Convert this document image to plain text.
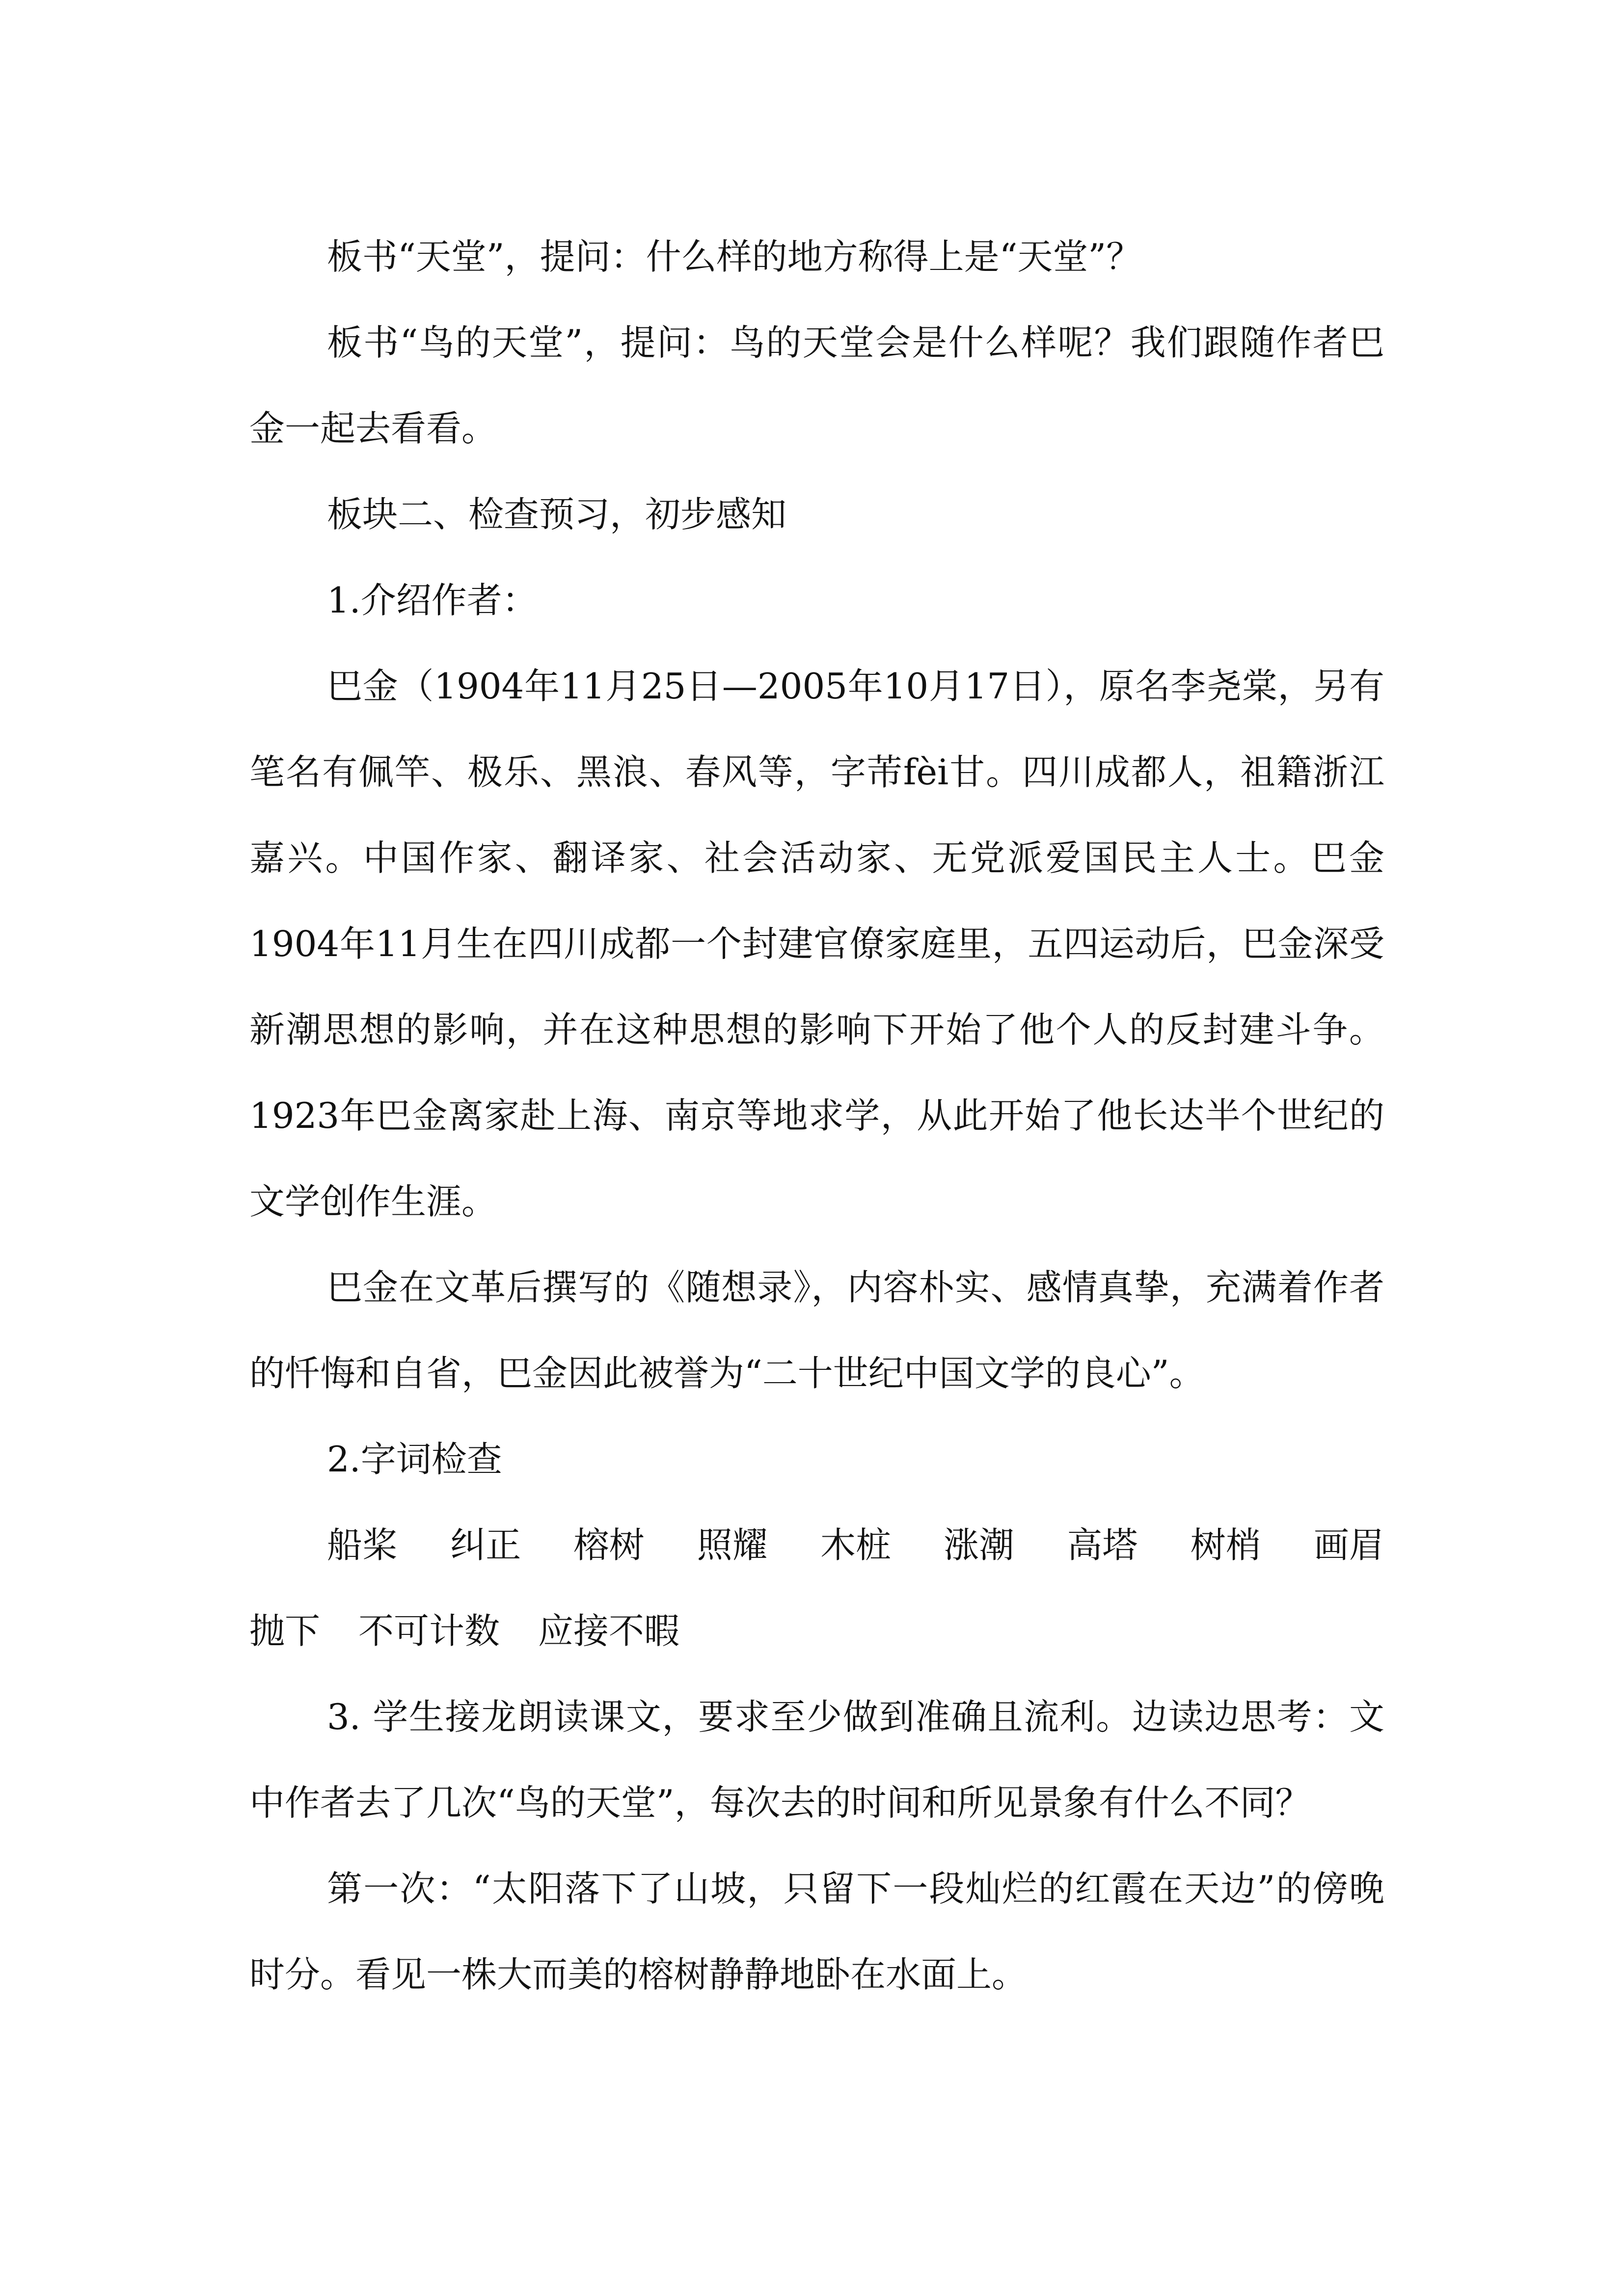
板书“天堂”，提问：什么样的地方称得上是“天堂”？

板书“鸟的天堂”，提问：鸟的天堂会是什么样呢？我们跟随作者巴金一起去看看。

板块二、检查预习，初步感知

1.介绍作者：

巴金（1904年11月25日—2005年10月17日），原名李尧棠，另有笔名有佩竿、极乐、黑浪、春风等，字芾fèi甘。四川成都人，祖籍浙江嘉兴。中国作家、翻译家、社会活动家、无党派爱国民主人士。巴金1904年11月生在四川成都一个封建官僚家庭里，五四运动后，巴金深受新潮思想的影响，并在这种思想的影响下开始了他个人的反封建斗争。1923年巴金离家赴上海、南京等地求学，从此开始了他长达半个世纪的文学创作生涯。

巴金在文革后撰写的《随想录》，内容朴实、感情真挚，充满着作者的忏悔和自省，巴金因此被誉为“二十世纪中国文学的良心”。

2.字词检查

船桨 纠正 榕树 照耀 木桩 涨潮 高塔 树梢 画眉
抛下 不可计数 应接不暇

3. 学生接龙朗读课文，要求至少做到准确且流利。边读边思考：文中作者去了几次“鸟的天堂”，每次去的时间和所见景象有什么不同？

第一次：“太阳落下了山坡，只留下一段灿烂的红霞在天边”的傍晚时分。看见一株大而美的榕树静静地卧在水面上。
